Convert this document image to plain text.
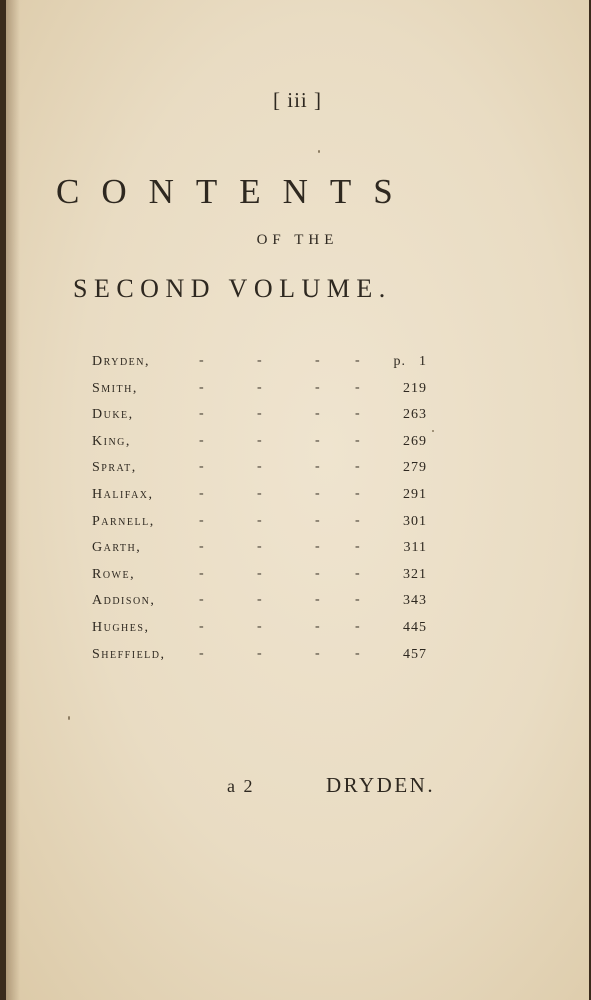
[ iii ]
CONTENTS
OF THE
SECOND VOLUME.
Dryden,	-	-	-	- p. 1
Smith,	-	-	-	-	219
Duke,	-	-	-	-	263
King,	-	-	-	-	269
Sprat,	-	-	-	-	279
Halifax,	-	-	-	-	291
Parnell,	-	-	-	-	301
Garth,	-	-	-	-	311
Rowe,	-	-	-	-	321
Addison,	-	-	-	-	343
Hughes,	-	-	-	-	445
Sheffield, -	-	-	-	457
a 2	DRYDEN.
